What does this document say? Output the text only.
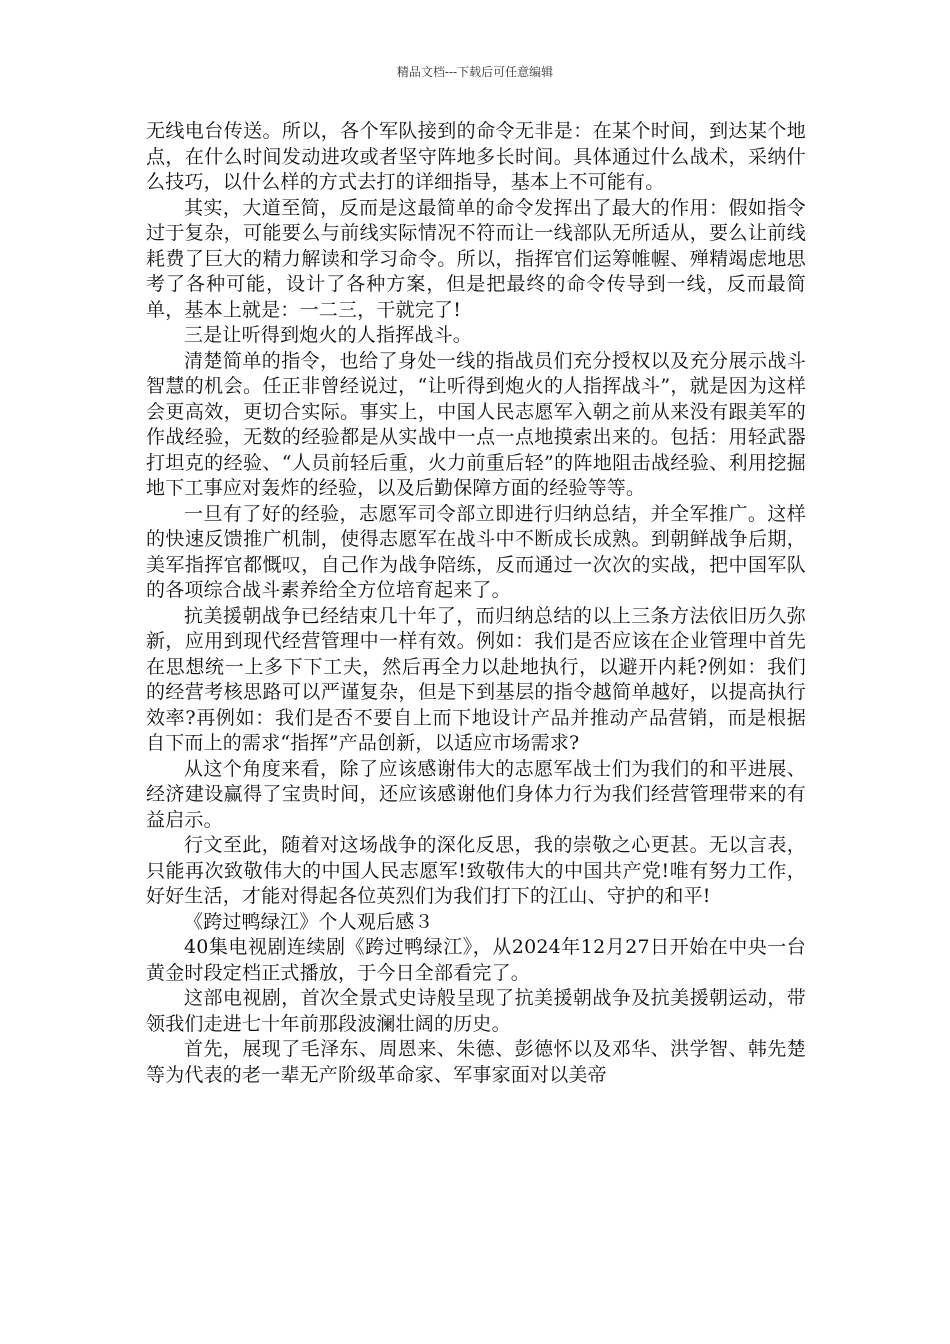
精品文档---下载后可任意编辑

无线电台传送。所以，各个军队接到的命令无非是：在某个时间，到达某个地点，在什么时间发动进攻或者坚守阵地多长时间。具体通过什么战术，采纳什么技巧，以什么样的方式去打的详细指导，基本上不可能有。

其实，大道至简，反而是这最简单的命令发挥出了最大的作用：假如指令过于复杂，可能要么与前线实际情况不符而让一线部队无所适从，要么让前线耗费了巨大的精力解读和学习命令。所以，指挥官们运筹帷幄、殚精竭虑地思考了各种可能，设计了各种方案，但是把最终的命令传导到一线，反而最简单，基本上就是：一二三，干就完了!

三是让听得到炮火的人指挥战斗。

清楚简单的指令，也给了身处一线的指战员们充分授权以及充分展示战斗智慧的机会。任正非曾经说过，“让听得到炮火的人指挥战斗”，就是因为这样会更高效，更切合实际。事实上，中国人民志愿军入朝之前从来没有跟美军的作战经验，无数的经验都是从实战中一点一点地摸索出来的。包括：用轻武器打坦克的经验、“人员前轻后重，火力前重后轻”的阵地阻击战经验、利用挖掘地下工事应对轰炸的经验，以及后勤保障方面的经验等等。

一旦有了好的经验，志愿军司令部立即进行归纳总结，并全军推广。这样的快速反馈推广机制，使得志愿军在战斗中不断成长成熟。到朝鲜战争后期，美军指挥官都慨叹，自己作为战争陪练，反而通过一次次的实战，把中国军队的各项综合战斗素养给全方位培育起来了。

抗美援朝战争已经结束几十年了，而归纳总结的以上三条方法依旧历久弥新，应用到现代经营管理中一样有效。例如：我们是否应该在企业管理中首先在思想统一上多下下工夫，然后再全力以赴地执行，以避开内耗?例如：我们的经营考核思路可以严谨复杂，但是下到基层的指令越简单越好，以提高执行效率?再例如：我们是否不要自上而下地设计产品并推动产品营销，而是根据自下而上的需求“指挥”产品创新，以适应市场需求?

从这个角度来看，除了应该感谢伟大的志愿军战士们为我们的和平进展、经济建设赢得了宝贵时间，还应该感谢他们身体力行为我们经营管理带来的有益启示。

行文至此，随着对这场战争的深化反思，我的崇敬之心更甚。无以言表，只能再次致敬伟大的中国人民志愿军!致敬伟大的中国共产党!唯有努力工作，好好生活，才能对得起各位英烈们为我们打下的江山、守护的和平!

《跨过鸭绿江》个人观后感３

40集电视剧连续剧《跨过鸭绿江》，从2024年12月27日开始在中央一台黄金时段定档正式播放，于今日全部看完了。

这部电视剧，首次全景式史诗般呈现了抗美援朝战争及抗美援朝运动，带领我们走进七十年前那段波澜壮阔的历史。

首先，展现了毛泽东、周恩来、朱德、彭德怀以及邓华、洪学智、韩先楚等为代表的老一辈无产阶级革命家、军事家面对以美帝
